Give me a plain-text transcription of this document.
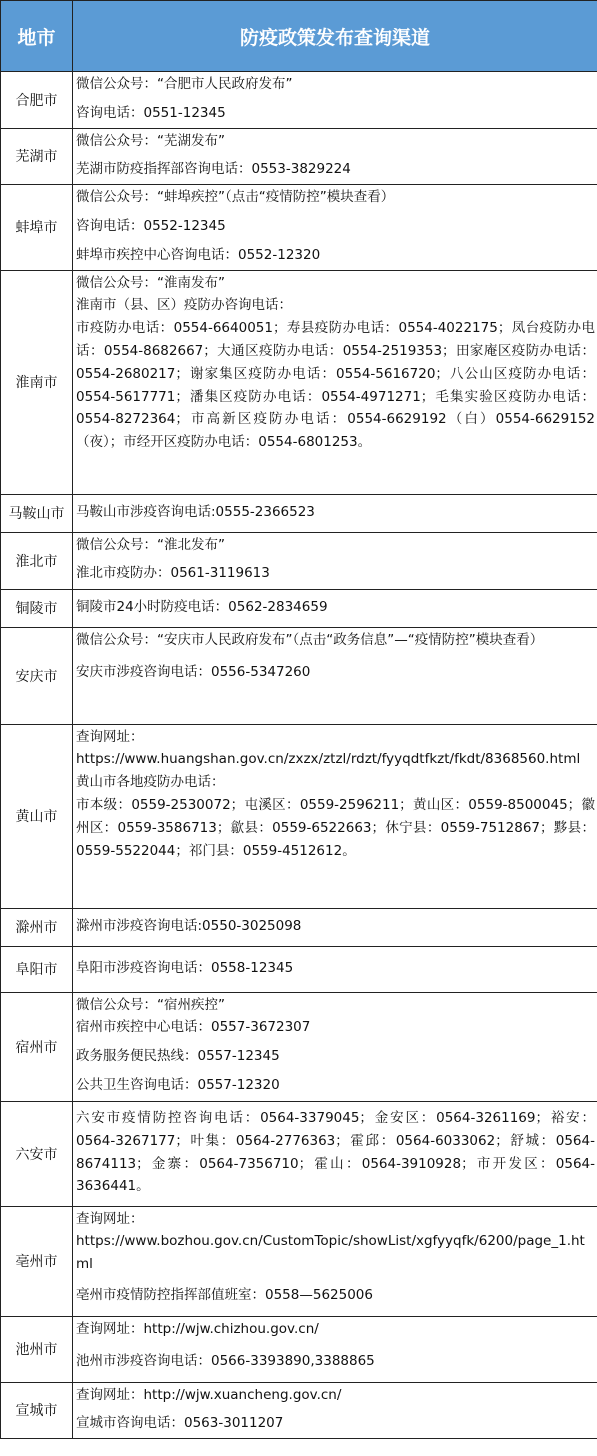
地市	防疫政策发布查询渠道
合肥市	微信公众号：“合肥市人民政府发布”
咨询电话：0551-12345

芜湖市	微信公众号：“芜湖发布”
芜湖市防疫指挥部咨询电话：0553-3829224

蚌埠市	微信公众号：“蚌埠疾控”（点击“疫情防控”模块查看）
咨询电话：0552-12345
蚌埠市疾控中心咨询电话：0552-12320

淮南市	微信公众号：“淮南发布”
淮南市（县、区）疫防办咨询电话：
市疫防办电话：0554-6640051；寿县疫防办电话：0554-4022175；凤台疫防办电话：0554-8682667；大通区疫防办电话：0554-2519353；田家庵区疫防办电话：0554-2680217；谢家集区疫防办电话：0554-5616720；八公山区疫防办电话：0554-5617771；潘集区疫防办电话：0554-4971271；毛集实验区疫防办电话：0554-8272364；市高新区疫防办电话：0554-6629192（白）0554-6629152（夜）；市经开区疫防办电话：0554-6801253。

马鞍山市	马鞍山市涉疫咨询电话:0555-2366523

淮北市	微信公众号：“淮北发布”
淮北市疫防办：0561-3119613

铜陵市	铜陵市24小时防疫电话：0562-2834659

安庆市	微信公众号：“安庆市人民政府发布”（点击“政务信息”—“疫情防控”模块查看）
安庆市涉疫咨询电话：0556-5347260

黄山市	查询网址：
https://www.huangshan.gov.cn/zxzx/ztzl/rdzt/fyyqdtfkzt/fkdt/8368560.html
黄山市各地疫防办电话：
市本级：0559-2530072；屯溪区：0559-2596211；黄山区：0559-8500045；徽州区：0559-3586713；歙县：0559-6522663；休宁县：0559-7512867；黟县：0559-5522044；祁门县：0559-4512612。

滁州市	滁州市涉疫咨询电话:0550-3025098

阜阳市	阜阳市涉疫咨询电话：0558-12345

宿州市	微信公众号：“宿州疾控”
宿州市疾控中心电话：0557-3672307
政务服务便民热线：0557-12345
公共卫生咨询电话：0557-12320

六安市	六安市疫情防控咨询电话：0564-3379045；金安区：0564-3261169；裕安：0564-3267177；叶集：0564-2776363；霍邱：0564-6033062；舒城：0564-8674113；金寨：0564-7356710；霍山：0564-3910928；市开发区：0564-3636441。

亳州市	查询网址：
https://www.bozhou.gov.cn/CustomTopic/showList/xgfyyqfk/6200/page_1.html
亳州市疫情防控指挥部值班室：0558—5625006

池州市	查询网址：http://wjw.chizhou.gov.cn/
池州市涉疫咨询电话：0566-3393890,3388865

宣城市	查询网址：http://wjw.xuancheng.gov.cn/
宣城市咨询电话：0563-3011207
